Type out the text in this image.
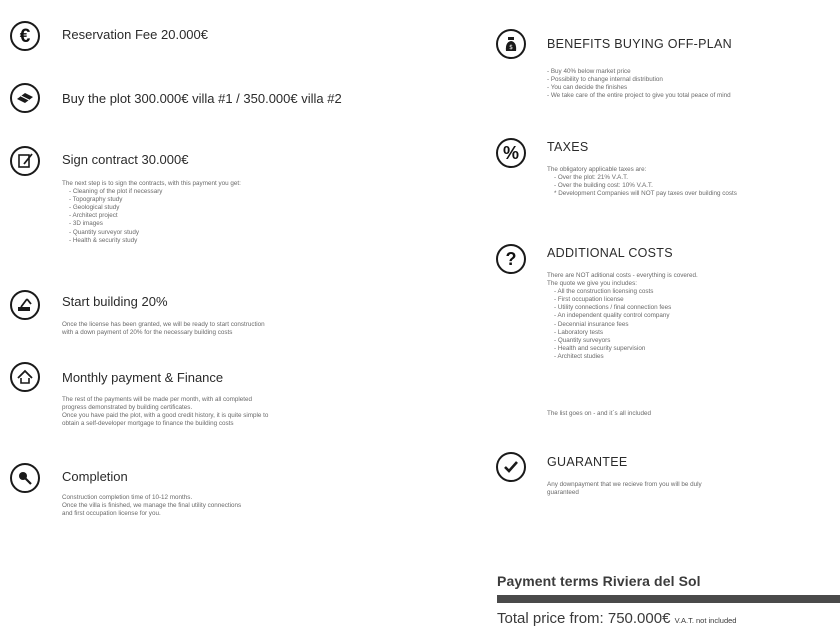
€ Reservation Fee 20.000€
Buy the plot 300.000€ villa #1 / 350.000€ villa #2
Sign contract 30.000€
The next step is to sign the contracts, with this payment you get:
- Cleaning of the plot if necessary
- Topography study
- Geological study
- Architect project
- 3D images
- Quantity surveyor study
- Health & security study
Start building 20%
Once the license has been granted, we will be ready to start construction
with a down payment of 20% for the necessary building costs
Monthly payment & Finance
The rest of the payments will be made per month, with all completed
progress demonstrated by building certificates.
Once you have paid the plot, with a good credit history, it is quite simple to
obtain a self-developer mortgage to finance the building costs
Completion
Construction completion time of 10-12 months.
Once the villa is finished, we manage the final utility connections
and first occupation license for you.
$	BENEFITS BUYING OFF-PLAN
- Buy 40% below market price
- Possibility to change internal distribution
- You can decide the finishes
- We take care of the entire project to give you total peace of mind
% TAXES
The obligatory applicable taxes are:
- Over the plot: 21% V.A.T.
- Over the building cost: 10% V.A.T.
* Development Companies will NOT pay taxes over building costs
? ADDITIONAL COSTS
There are NOT aditional costs - everything is covered.
The quote we give you includes:
- All the construction licensing costs
- First occupation license
- Utility connections / final connection fees
- An independent quality control company
- Decennial insurance fees
- Laboratory tests
- Quantity surveyors
- Health and security supervision
- Architect studies
The list goes on - and it´s all included
GUARANTEE
Any downpayment that we recieve from you will be duly
guaranteed
Payment terms Riviera del Sol
Total price from: 750.000€ V.A.T. not included
